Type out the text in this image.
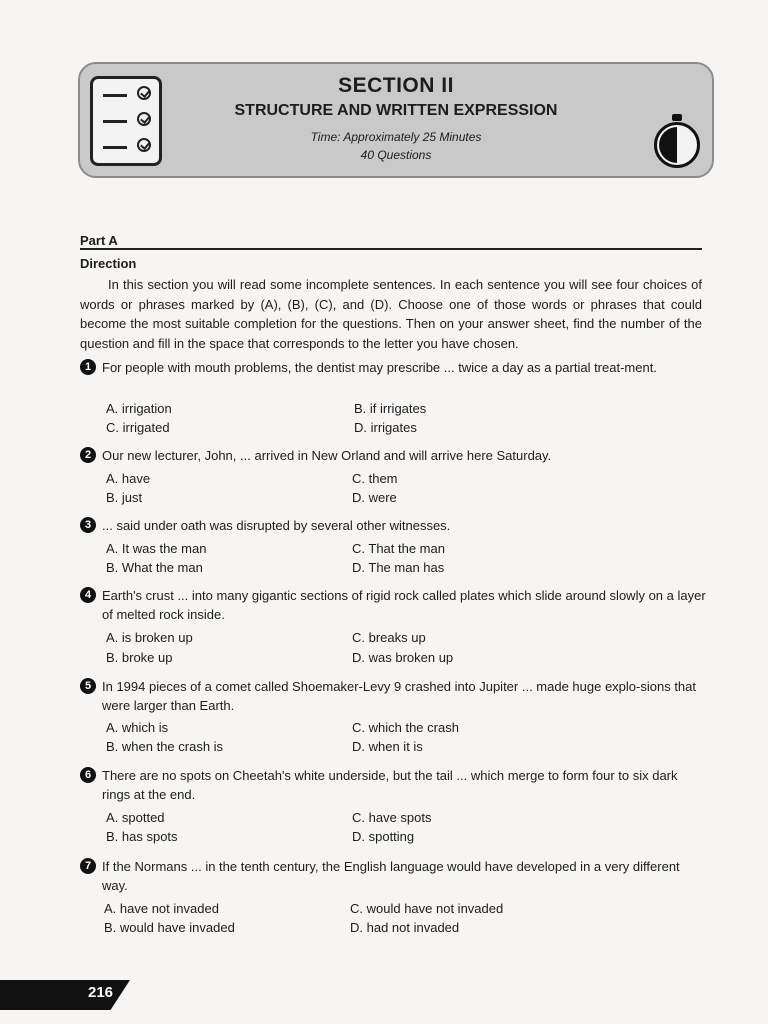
SECTION II
STRUCTURE AND WRITTEN EXPRESSION
Time: Approximately 25 Minutes
40 Questions
Part A
Direction
In this section you will read some incomplete sentences. In each sentence you will see four choices of words or phrases marked by (A), (B), (C), and (D). Choose one of those words or phrases that could become the most suitable completion for the questions. Then on your answer sheet, find the number of the question and fill in the space that corresponds to the letter you have chosen.
1 For people with mouth problems, the dentist may prescribe ... twice a day as a partial treat-ment.
A. irrigation	B. if irrigates
C. irrigated	D. irrigates
2 Our new lecturer, John, ... arrived in New Orland and will arrive here Saturday.
A. have	C. them
B. just	D. were
3 ... said under oath was disrupted by several other witnesses.
A. It was the man	C. That the man
B. What the man	D. The man has
4 Earth's crust ... into many gigantic sections of rigid rock called plates which slide around slowly on a layer of melted rock inside.
A. is broken up	C. breaks up
B. broke up	D. was broken up
5 In 1994 pieces of a comet called Shoemaker-Levy 9 crashed into Jupiter ... made huge explo-sions that were larger than Earth.
A. which is	C. which the crash
B. when the crash is	D. when it is
6 There are no spots on Cheetah's white underside, but the tail ... which merge to form four to six dark rings at the end.
A. spotted	C. have spots
B. has spots	D. spotting
7 If the Normans ... in the tenth century, the English language would have developed in a very different way.
A. have not invaded	C. would have not invaded
B. would have invaded	D. had not invaded
216
